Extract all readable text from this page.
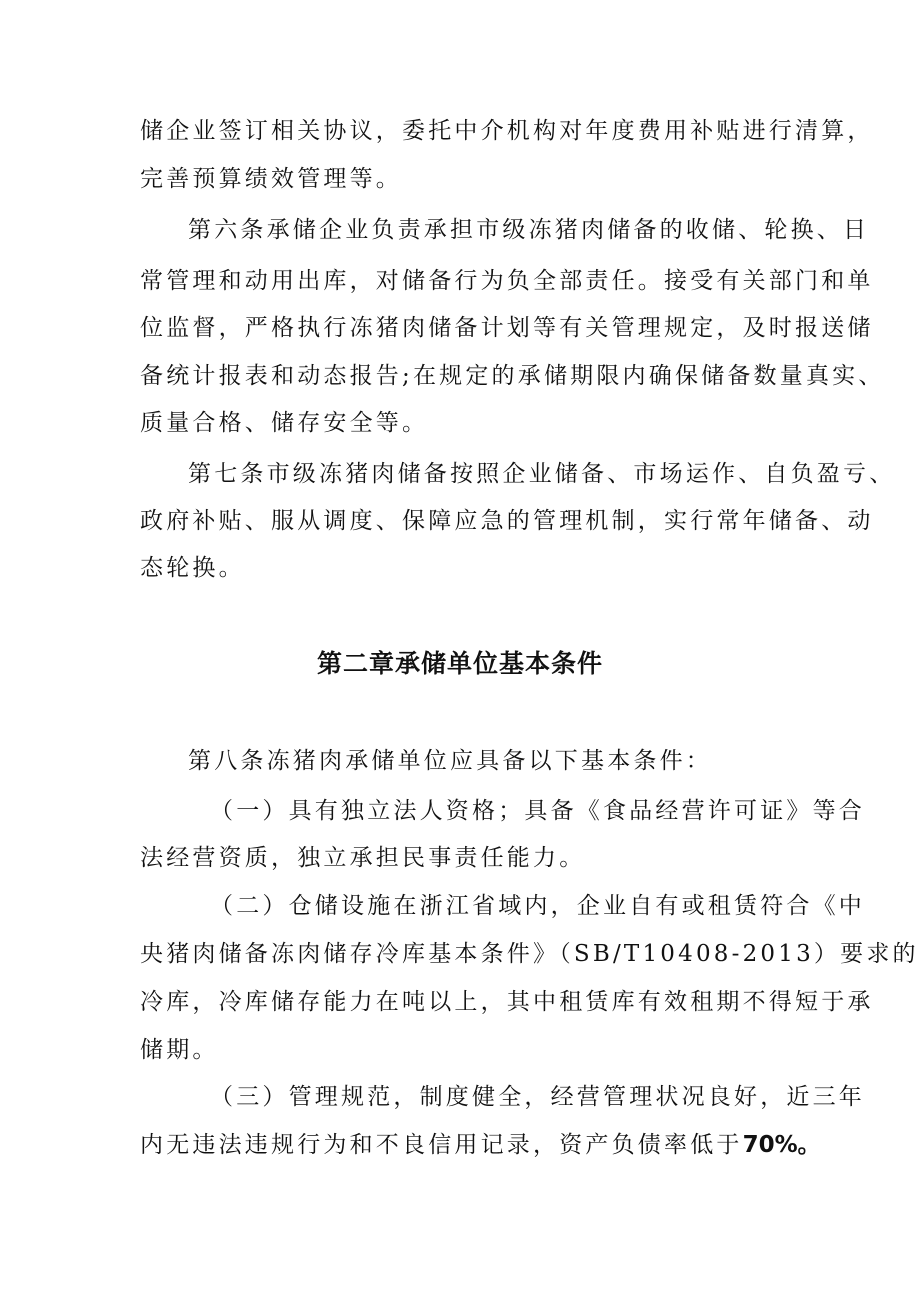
储企业签订相关协议，委托中介机构对年度费用补贴进行清算，
完善预算绩效管理等。
第六条承储企业负责承担市级冻猪肉储备的收储、轮换、日
常管理和动用出库，对储备行为负全部责任。接受有关部门和单
位监督，严格执行冻猪肉储备计划等有关管理规定，及时报送储
备统计报表和动态报告;在规定的承储期限内确保储备数量真实、
质量合格、储存安全等。
第七条市级冻猪肉储备按照企业储备、市场运作、自负盈亏、
政府补贴、服从调度、保障应急的管理机制，实行常年储备、动
态轮换。
第二章承储单位基本条件
第八条冻猪肉承储单位应具备以下基本条件：
（一）具有独立法人资格；具备《食品经营许可证》等合
法经营资质，独立承担民事责任能力。
（二）仓储设施在浙江省域内，企业自有或租赁符合《中
央猪肉储备冻肉储存冷库基本条件》（SB/T10408-2013）要求的
冷库，冷库储存能力在吨以上，其中租赁库有效租期不得短于承
储期。
（三）管理规范，制度健全，经营管理状况良好，近三年
内无违法违规行为和不良信用记录，资产负债率低于70%。
